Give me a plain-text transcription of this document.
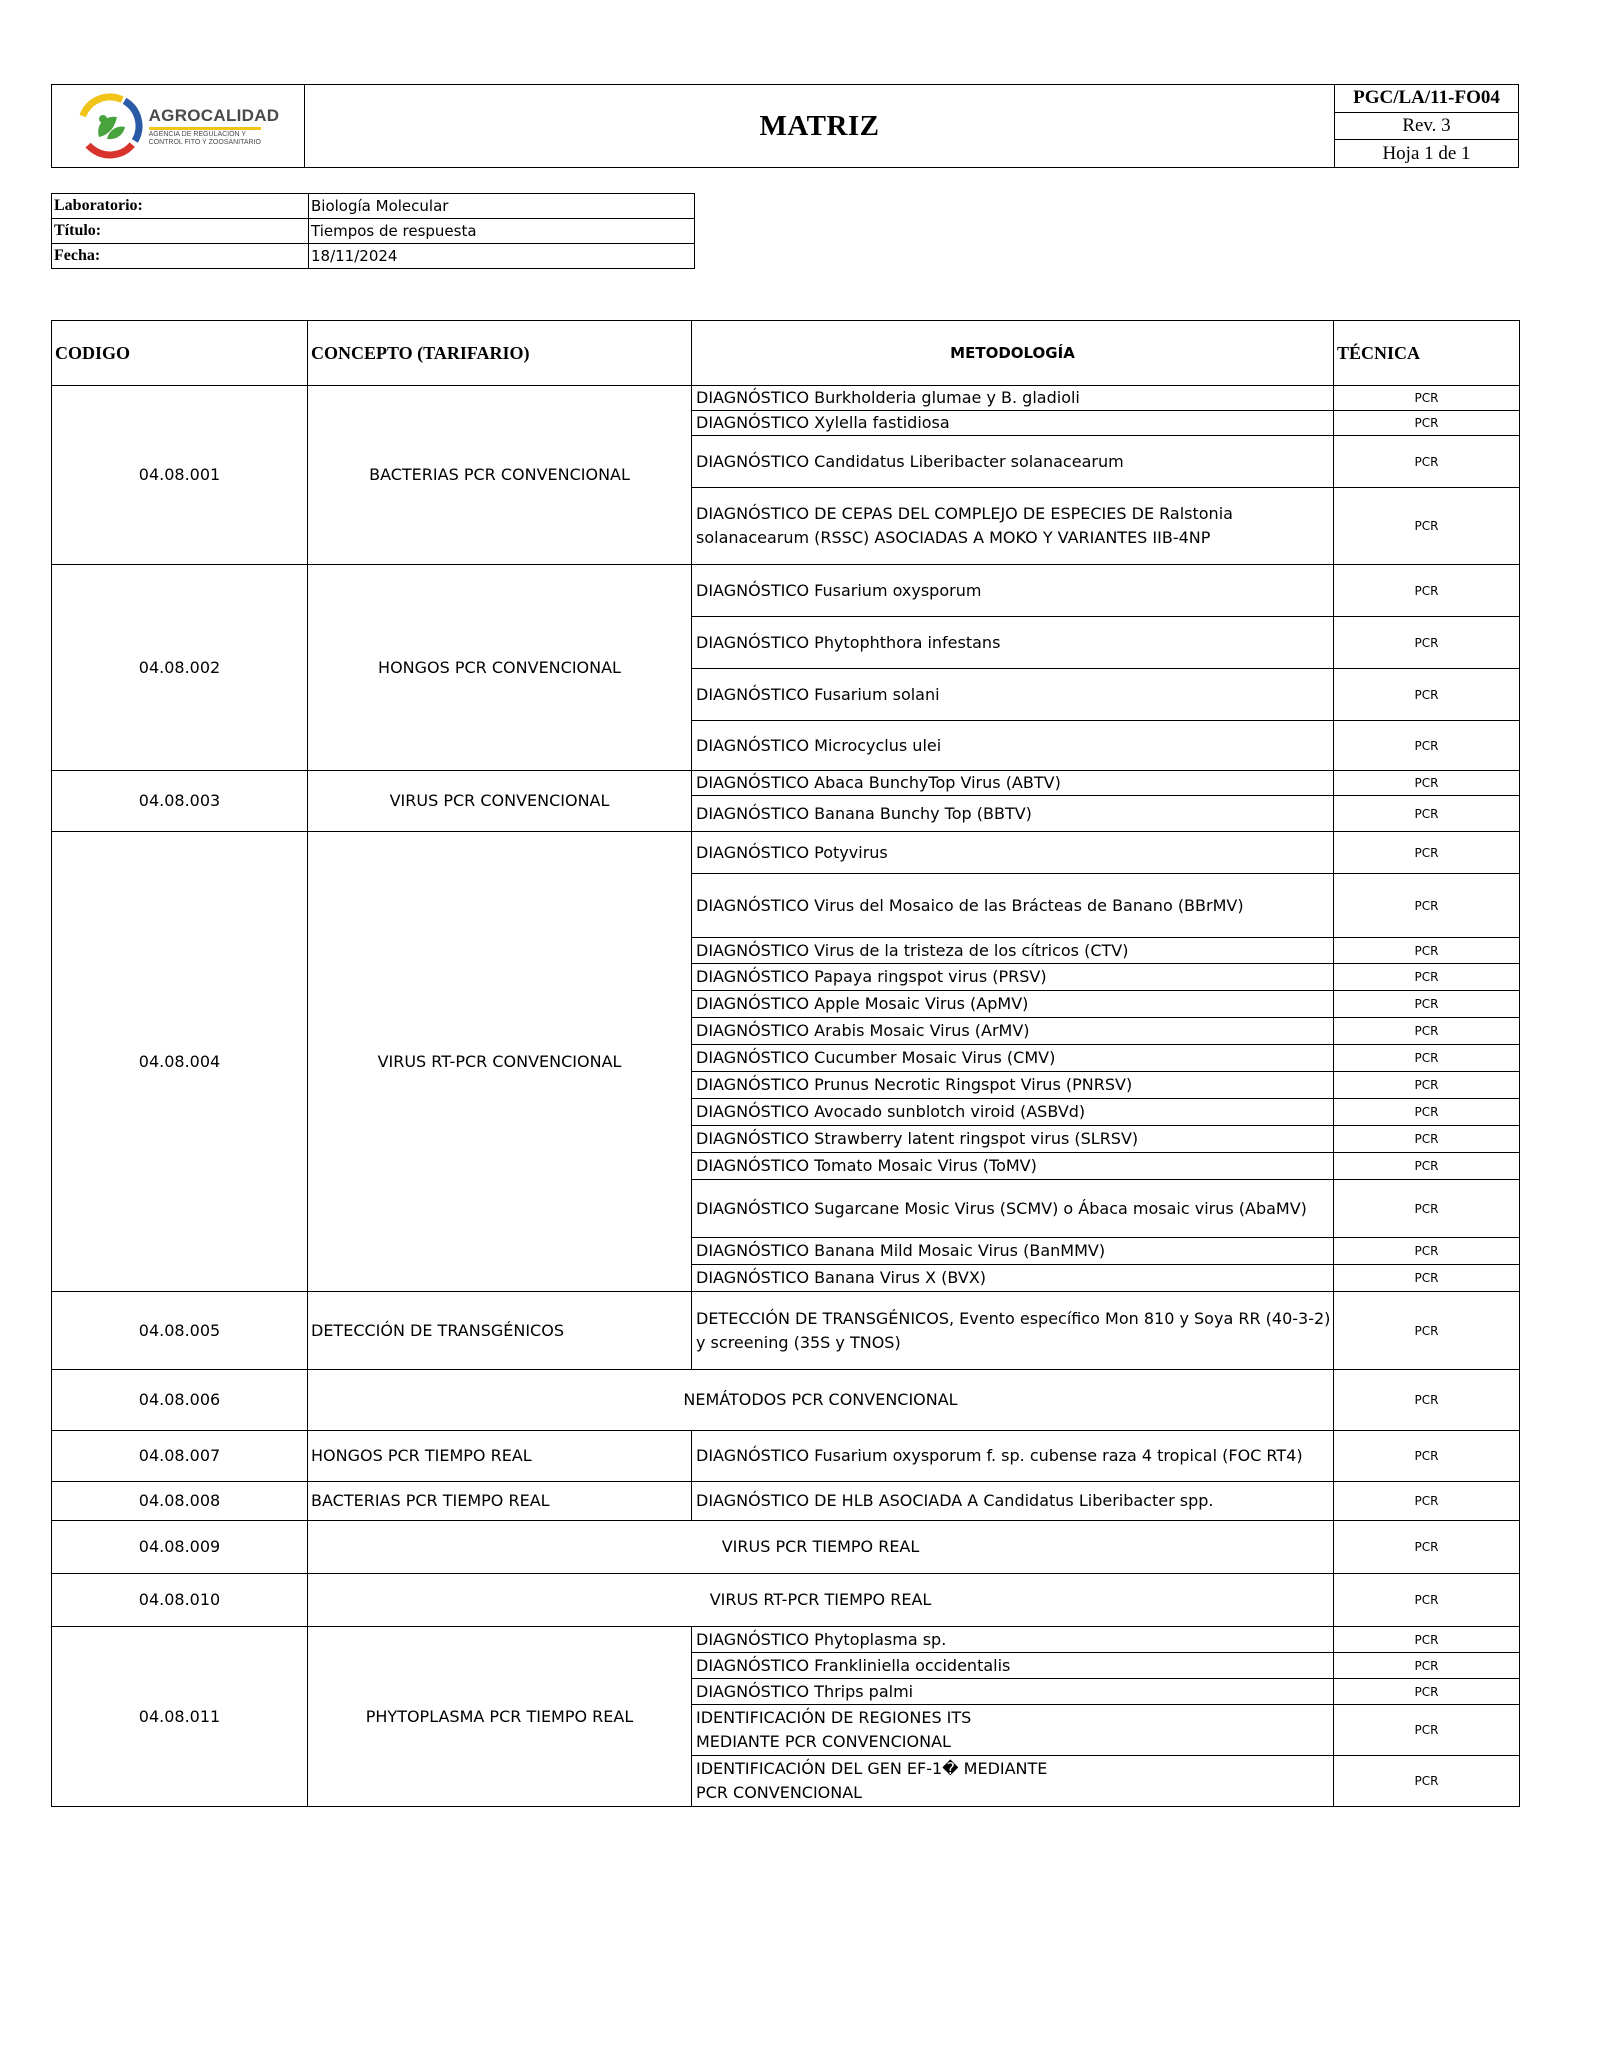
AGROCALIDAD
AGENCIA DE REGULACIÓN Y CONTROL FITO Y ZOOSANITARIO
	MATRIZ	PGC/LA/11-FO04
Rev. 3
Hoja 1 de 1
Laboratorio:	Biología Molecular
Título:	Tiempos de respuesta
Fecha:	18/11/2024
CODIGO	CONCEPTO (TARIFARIO)	METODOLOGÍA	TÉCNICA
04.08.001	BACTERIAS PCR CONVENCIONAL	DIAGNÓSTICO Burkholderia glumae y B. gladioli	PCR
		DIAGNÓSTICO Xylella fastidiosa	PCR
		DIAGNÓSTICO Candidatus Liberibacter solanacearum	PCR
		DIAGNÓSTICO DE CEPAS DEL COMPLEJO DE ESPECIES DE Ralstonia solanacearum (RSSC) ASOCIADAS A MOKO Y VARIANTES IIB-4NP	PCR
04.08.002	HONGOS PCR CONVENCIONAL	DIAGNÓSTICO Fusarium oxysporum	PCR
		DIAGNÓSTICO Phytophthora infestans	PCR
		DIAGNÓSTICO Fusarium solani	PCR
		DIAGNÓSTICO Microcyclus ulei	PCR
04.08.003	VIRUS PCR CONVENCIONAL	DIAGNÓSTICO Abaca BunchyTop Virus (ABTV)	PCR
		DIAGNÓSTICO Banana Bunchy Top (BBTV)	PCR
04.08.004	VIRUS RT-PCR CONVENCIONAL	DIAGNÓSTICO Potyvirus	PCR
		DIAGNÓSTICO Virus del Mosaico de las Brácteas de Banano (BBrMV)	PCR
		DIAGNÓSTICO Virus de la tristeza de los cítricos (CTV)	PCR
		DIAGNÓSTICO Papaya ringspot virus (PRSV)	PCR
		DIAGNÓSTICO Apple Mosaic Virus (ApMV)	PCR
		DIAGNÓSTICO Arabis Mosaic Virus (ArMV)	PCR
		DIAGNÓSTICO Cucumber Mosaic Virus (CMV)	PCR
		DIAGNÓSTICO Prunus Necrotic Ringspot Virus (PNRSV)	PCR
		DIAGNÓSTICO Avocado sunblotch viroid (ASBVd)	PCR
		DIAGNÓSTICO Strawberry latent ringspot virus (SLRSV)	PCR
		DIAGNÓSTICO Tomato Mosaic Virus (ToMV)	PCR
		DIAGNÓSTICO Sugarcane Mosic Virus (SCMV) o Ábaca mosaic virus (AbaMV)	PCR
		DIAGNÓSTICO Banana Mild Mosaic Virus (BanMMV)	PCR
		DIAGNÓSTICO Banana Virus X (BVX)	PCR
04.08.005	DETECCIÓN DE TRANSGÉNICOS	DETECCIÓN DE TRANSGÉNICOS, Evento específico Mon 810 y Soya RR (40-3-2) y screening (35S y TNOS)	PCR
04.08.006	NEMÁTODOS PCR CONVENCIONAL		PCR
04.08.007	HONGOS PCR TIEMPO REAL	DIAGNÓSTICO Fusarium oxysporum f. sp. cubense raza 4 tropical (FOC RT4)	PCR
04.08.008	BACTERIAS PCR TIEMPO REAL	DIAGNÓSTICO DE HLB ASOCIADA A Candidatus Liberibacter spp.	PCR
04.08.009	VIRUS PCR TIEMPO REAL		PCR
04.08.010	VIRUS RT-PCR TIEMPO REAL		PCR
04.08.011	PHYTOPLASMA PCR TIEMPO REAL	DIAGNÓSTICO Phytoplasma sp.	PCR
		DIAGNÓSTICO Frankliniella occidentalis	PCR
		DIAGNÓSTICO Thrips palmi	PCR
		IDENTIFICACIÓN DE REGIONES ITS MEDIANTE PCR CONVENCIONAL	PCR
		IDENTIFICACIÓN DEL GEN EF-1� MEDIANTE PCR CONVENCIONAL	PCR
